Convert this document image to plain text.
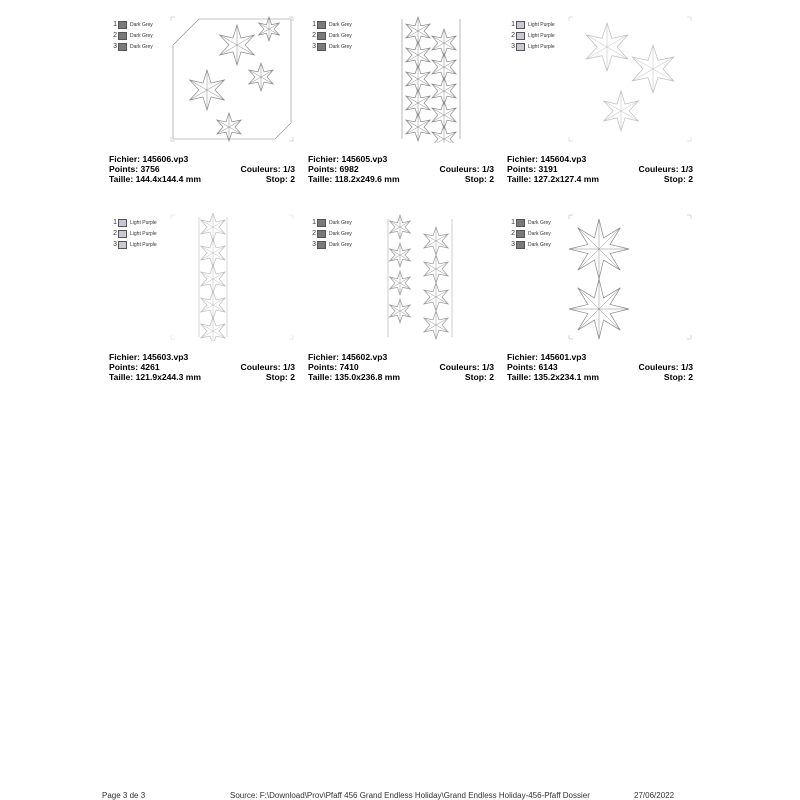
1	Dark Grey
2	Dark Grey
3	Dark Grey
Fichier: 145606.vp3
Points: 3756	Couleurs: 1/3
Taille: 144.4x144.4 mm	Stop: 2
1	Dark Grey
2	Dark Grey
3	Dark Grey
Fichier: 145605.vp3
Points: 6982	Couleurs: 1/3
Taille: 118.2x249.6 mm	Stop: 2
1	Light Purple
2	Light Purple
3	Light Purple
Fichier: 145604.vp3
Points: 3191	Couleurs: 1/3
Taille: 127.2x127.4 mm	Stop: 2
1	Light Purple
2	Light Purple
3	Light Purple
Fichier: 145603.vp3
Points: 4261	Couleurs: 1/3
Taille: 121.9x244.3 mm	Stop: 2
1	Dark Grey
2	Dark Grey
3	Dark Grey
Fichier: 145602.vp3
Points: 7410	Couleurs: 1/3
Taille: 135.0x236.8 mm	Stop: 2
1	Dark Grey
2	Dark Grey
3	Dark Grey
Fichier: 145601.vp3
Points: 6143	Couleurs: 1/3
Taille: 135.2x234.1 mm	Stop: 2
Page 3 de 3	Source: F:\Download\Prov\Pfaff 456 Grand Endless Holiday\Grand Endless Holiday-456-Pfaff Dossier	27/06/2022
